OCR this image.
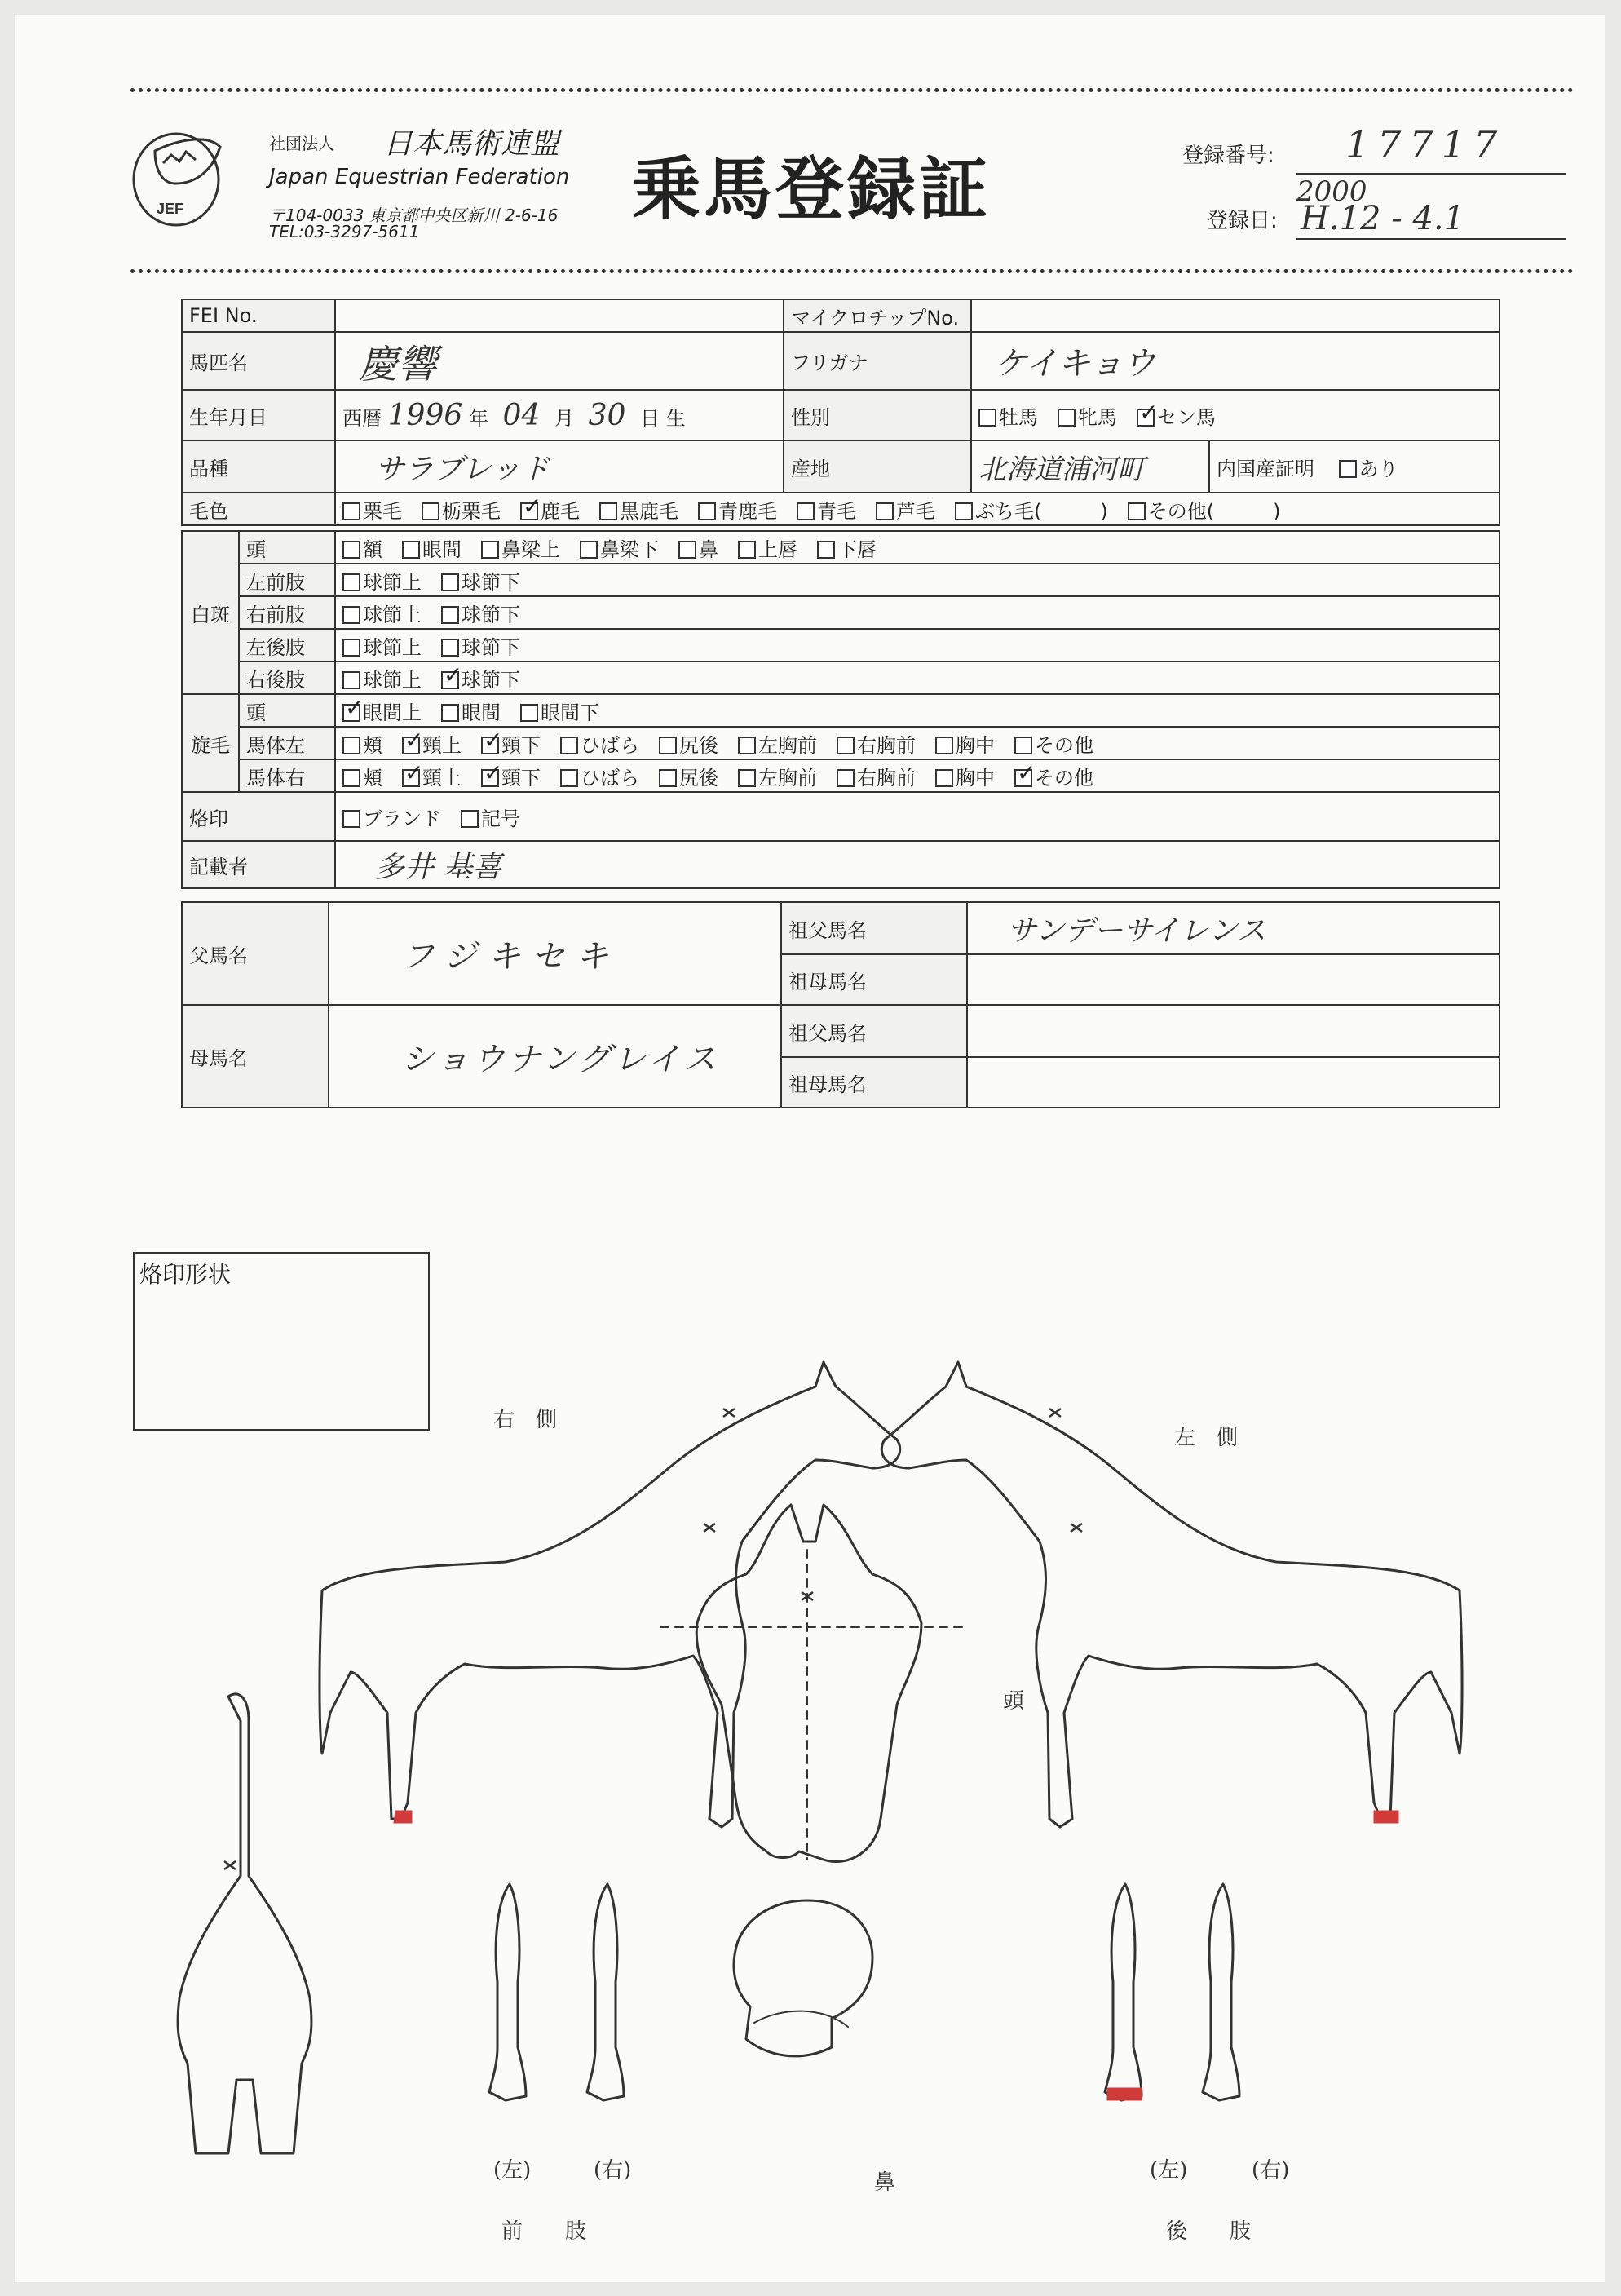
JEF
社団法人 日本馬術連盟
Japan Equestrian Federation
〒104-0033 東京都中央区新川 2-6-16
TEL:03-3297-5611
乗馬登録証	登録番号: 17717
2000
登録日: H.12 - 4.1
FEI No.		マイクロチップNo.		
馬匹名	慶響	フリガナ	ケイキョウ	
生年月日	西暦 1996 年 04 月 30 日 生	性別	牡馬 牝馬 ✓ セン馬
品種	サラブレッド	産地	北海道浦河町	内国産証明 あり
毛色	栗毛 栃栗毛 ✓ 鹿毛 黒鹿毛 青鹿毛 青毛 芦毛 ぶち毛(　　　) その他(　　　)
白斑	頭	額 眼間 鼻梁上 鼻梁下 鼻 上唇 下唇
	左前肢	球節上 球節下
	右前肢	球節上 球節下
	左後肢	球節上 球節下
	右後肢	球節上 ✓ 球節下
旋毛	頭	✓眼間上 眼間 眼間下
	馬体左	頬 ✓ 頸上 ✓ 頸下 ひばら 尻後 左胸前 右胸前 胸中 その他
	馬体右	頬 ✓ 頸上 ✓ 頸下 ひばら 尻後 左胸前 右胸前 胸中 ✓ その他
烙印		ブランド 記号
記載者		多井 基喜
父馬名	フジキセキ	祖父馬名	サンデーサイレンス
		祖母馬名	
母馬名	ショウナングレイス	祖父馬名	
		祖母馬名	
烙印形状
右　側
左　側
頭
鼻
(左)	(右)
前　　肢
(左)	(右)
後　　肢
